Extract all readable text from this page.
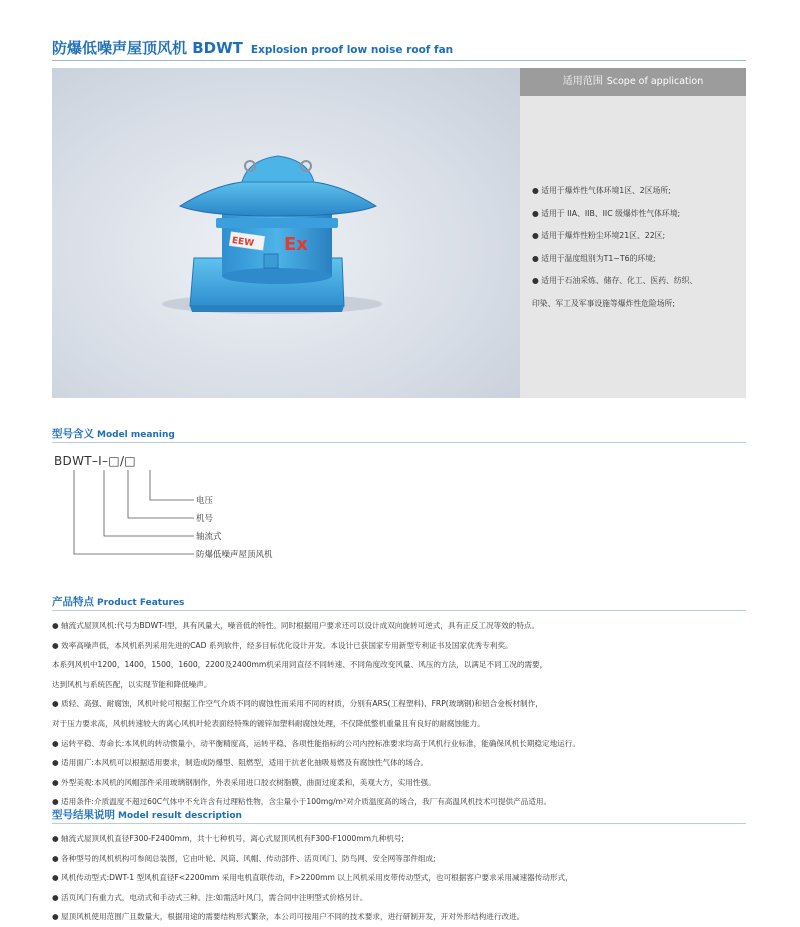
防爆低噪声屋顶风机 BDWT Explosion proof low noise roof fan
EEW Ex
适用范围 Scope of application
● 适用于爆炸性气体环境1区、2区场所;
● 适用于 IIA、IIB、IIC 级爆炸性气体环境;
● 适用于爆炸性粉尘环境21区、22区;
● 适用于温度组别为T1~T6的环境;
● 适用于石油采炼、储存、化工、医药、纺织、
印染、军工及军事设施等爆炸性危险场所;
型号含义 Model meaning
BDWT–I–□/□
电压
机号
轴流式
防爆低噪声屋顶风机
产品特点 Product Features
● 轴流式屋顶风机:代号为BDWT-I型，具有风量大，噪音低的特性。同时根据用户要求还可以设计成双向旋转可逆式，具有正反工况等效的特点。
● 效率高噪声低，本风机系列采用先进的CAD 系列软件，经多目标优化设计开发。本设计已获国家专用新型专利证书及国家优秀专利奖。
本系列风机中1200，1400，1500，1600，2200及2400mm机采用同直径不同转速、不同角度改变风量、风压的方法，以满足不同工况的需要，
达到风机与系统匹配，以实现节能和降低噪声。
● 质轻、高强、耐腐蚀，风机叶轮可根据工作空气介质不同的腐蚀性而采用不同的材质，分别有ARS(工程塑料)、FRP(玻璃钢)和铝合金板材制作，
对于压力要求高，风机转速较大的离心风机叶轮表面经特殊的镀锌加塑料耐腐蚀处理，不仅降低整机重量且有良好的耐腐蚀能力。
● 运转平稳、寿命长:本风机的转动惯量小，动平衡精度高，运转平稳、各项性能指标的公司内控标准要求均高于风机行业标准，能确保风机长期稳定地运行。
● 适用面广:本风机可以根据适用要求，制造成防爆型、阻燃型，适用于抗老化抽吸易燃及有腐蚀性气体的场合。
● 外型美观:本风机的风帽部件采用玻璃钢制作，外表采用进口胶衣树脂膜，曲面过度柔和，美观大方，实用性强。
● 适用条件:介质温度不超过60C气体中不允许含有过理粘性物，含尘量小于100mg/m³对介质温度高的场合，我厂有高温风机技术可提供产品适用。
型号结果说明 Model result description
● 轴流式屋顶风机直径F300-F2400mm，共十七种机号，离心式屋顶风机有F300-F1000mm九种机号;
● 各种型号的风机机构可参阅总装图，它由叶轮、风筒、风帽、传动部件、活页风门、防鸟网、安全网等部件组成;
● 风机传动型式:DWT-1 型风机直径F<2200mm 采用电机直联传动，F>2200mm 以上风机采用皮带传动型式，也可根据客户要求采用减速器传动形式，
● 活页风门有重力式，电动式和手动式三种。注:如需活叶风门，需合同中注明型式价格另计。
● 屋顶风机使用范围广且数量大，根据用途的需要结构形式繁杂，本公司可按用户不同的技术要求，进行研制开发，开对外形结构进行改进。
